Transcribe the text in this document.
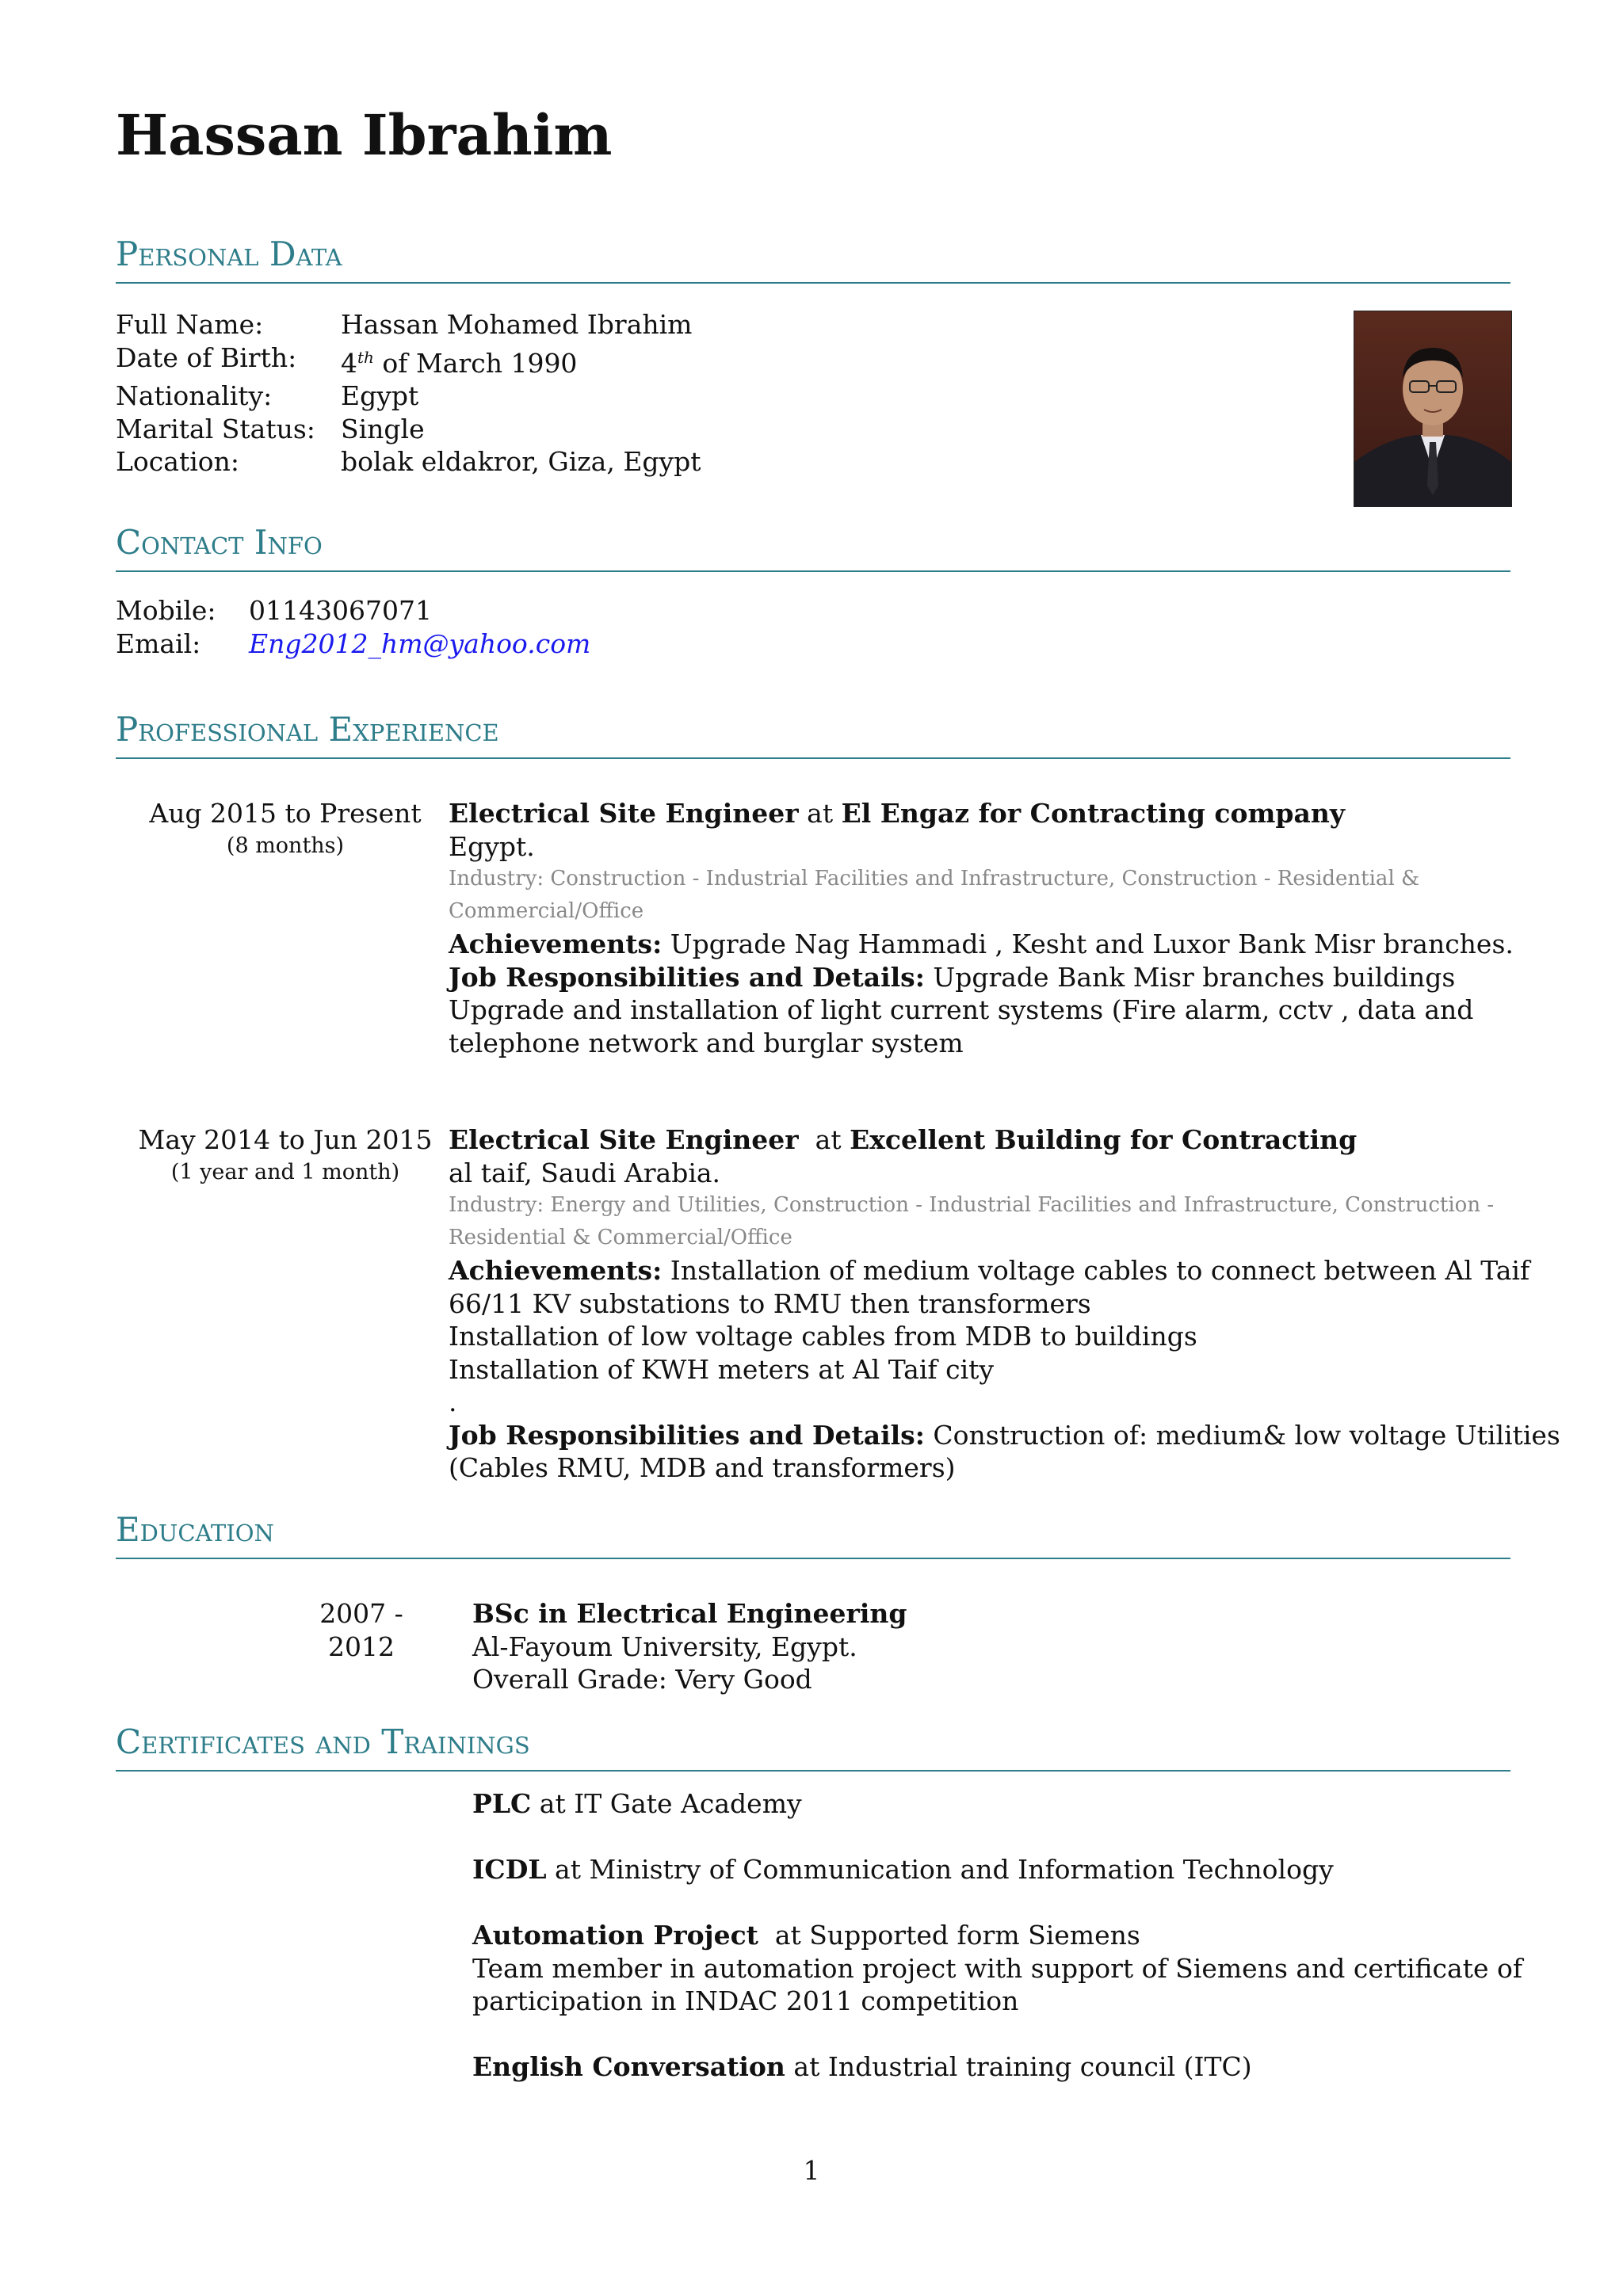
Hassan Ibrahim
Personal Data
Full Name:	Hassan Mohamed Ibrahim
Date of Birth:	4th of March 1990
Nationality:	Egypt
Marital Status: Single
Location:	bolak eldakror, Giza, Egypt
Contact Info
Mobile:	01143067071
Email:	Eng2012_hm@yahoo.com
Professional Experience
Aug 2015 to Present
(8 months)
Electrical Site Engineer at El Engaz for Contracting company
Egypt.
Industry: Construction - Industrial Facilities and Infrastructure, Construction - Residential &
Commercial/Office
Achievements: Upgrade Nag Hammadi , Kesht and Luxor Bank Misr branches.
Job Responsibilities and Details: Upgrade Bank Misr branches buildings
Upgrade and installation of light current systems (Fire alarm, cctv , data and
telephone network and burglar system
May 2014 to Jun 2015
(1 year and 1 month)
Electrical Site Engineer  at Excellent Building for Contracting
al taif, Saudi Arabia.
Industry: Energy and Utilities, Construction - Industrial Facilities and Infrastructure, Construction -
Residential & Commercial/Office
Achievements: Installation of medium voltage cables to connect between Al Taif
66/11 KV substations to RMU then transformers
Installation of low voltage cables from MDB to buildings
Installation of KWH meters at Al Taif city
.
Job Responsibilities and Details: Construction of: medium& low voltage Utilities
(Cables RMU, MDB and transformers)
Education
2007 - 2012
BSc in Electrical Engineering
Al-Fayoum University, Egypt.
Overall Grade: Very Good
Certificates and Trainings
PLC at IT Gate Academy
ICDL at Ministry of Communication and Information Technology
Automation Project  at Supported form Siemens
Team member in automation project with support of Siemens and certificate of
participation in INDAC 2011 competition
English Conversation at Industrial training council (ITC)
1
